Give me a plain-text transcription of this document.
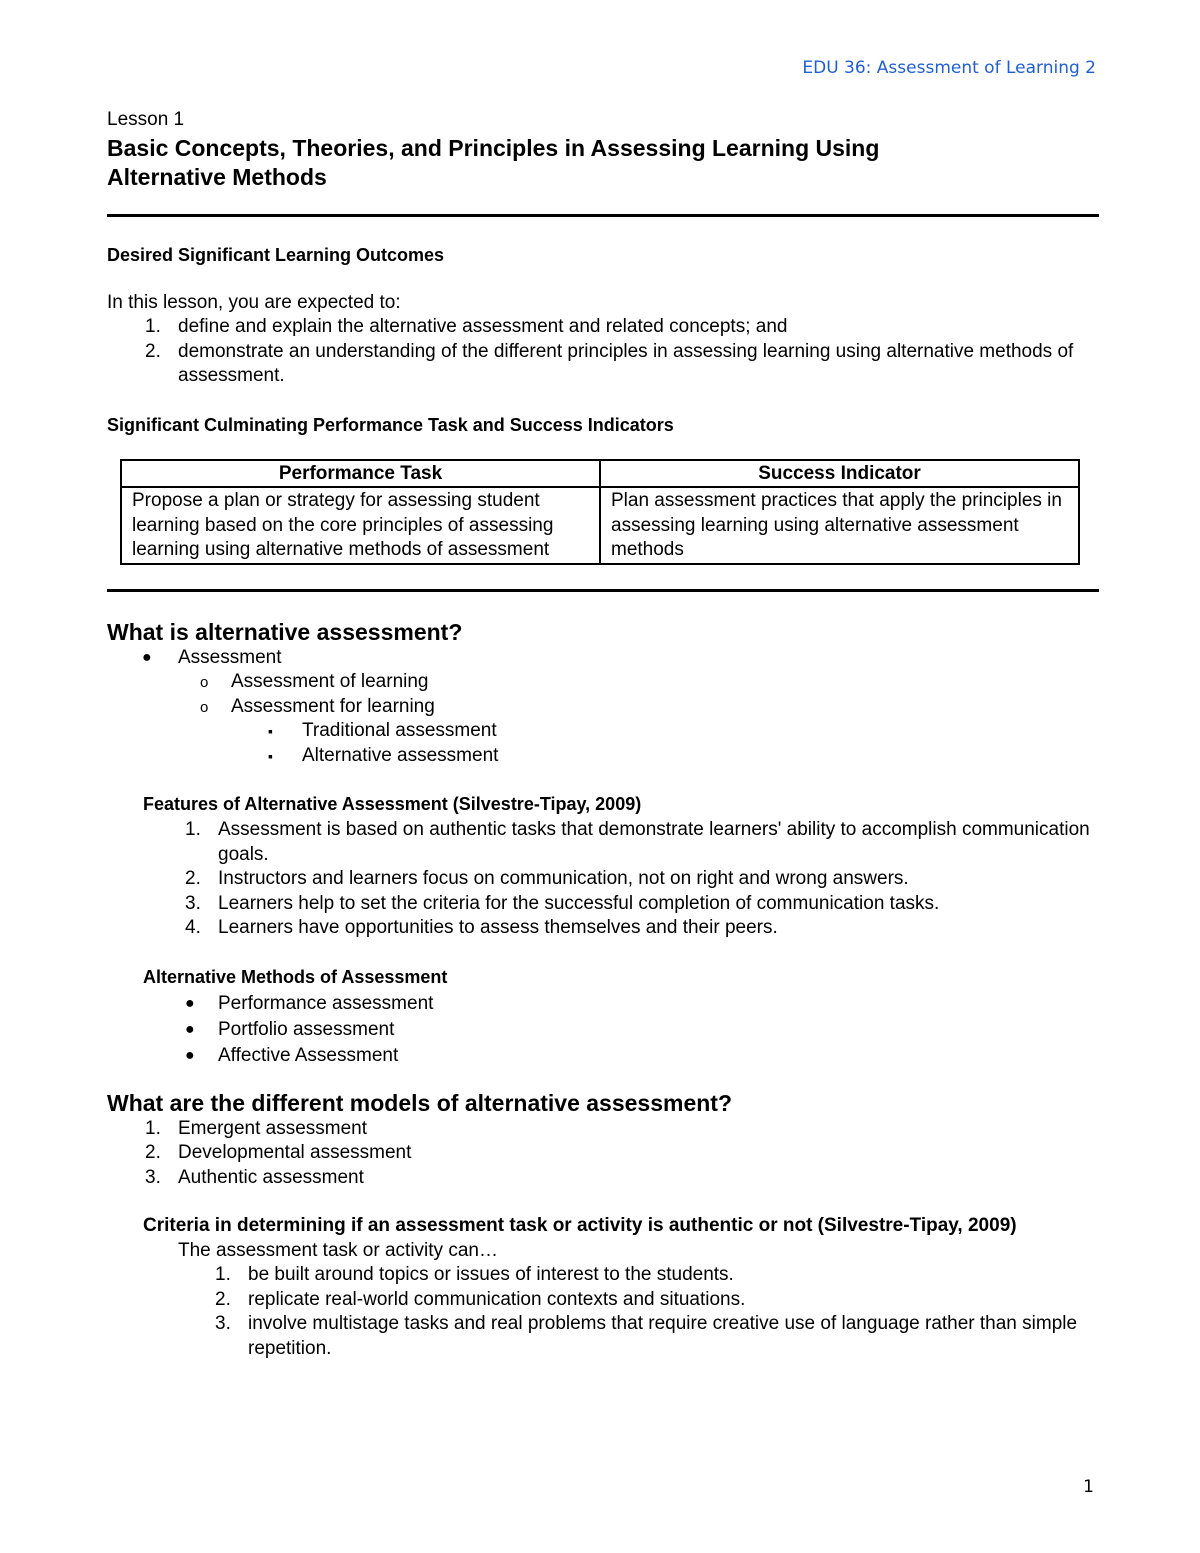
EDU 36: Assessment of Learning 2
Lesson 1
Basic Concepts, Theories, and Principles in Assessing Learning Using
Alternative Methods
Desired Significant Learning Outcomes
In this lesson, you are expected to:
1. define and explain the alternative assessment and related concepts; and
2. demonstrate an understanding of the different principles in assessing learning using alternative methods of assessment.
Significant Culminating Performance Task and Success Indicators
Performance Task	Success Indicator
Propose a plan or strategy for assessing student learning based on the core principles of assessing learning using alternative methods of assessment	Plan assessment practices that apply the principles in assessing learning using alternative assessment methods
What is alternative assessment?
● Assessment
o Assessment of learning
o Assessment for learning
▪ Traditional assessment
▪ Alternative assessment
Features of Alternative Assessment (Silvestre-Tipay, 2009)
1. Assessment is based on authentic tasks that demonstrate learners' ability to accomplish communication goals.
2. Instructors and learners focus on communication, not on right and wrong answers.
3. Learners help to set the criteria for the successful completion of communication tasks.
4. Learners have opportunities to assess themselves and their peers.
Alternative Methods of Assessment
● Performance assessment
● Portfolio assessment
● Affective Assessment
What are the different models of alternative assessment?
1. Emergent assessment
2. Developmental assessment
3. Authentic assessment
Criteria in determining if an assessment task or activity is authentic or not (Silvestre-Tipay, 2009)
The assessment task or activity can…
1. be built around topics or issues of interest to the students.
2. replicate real-world communication contexts and situations.
3. involve multistage tasks and real problems that require creative use of language rather than simple repetition.
1
